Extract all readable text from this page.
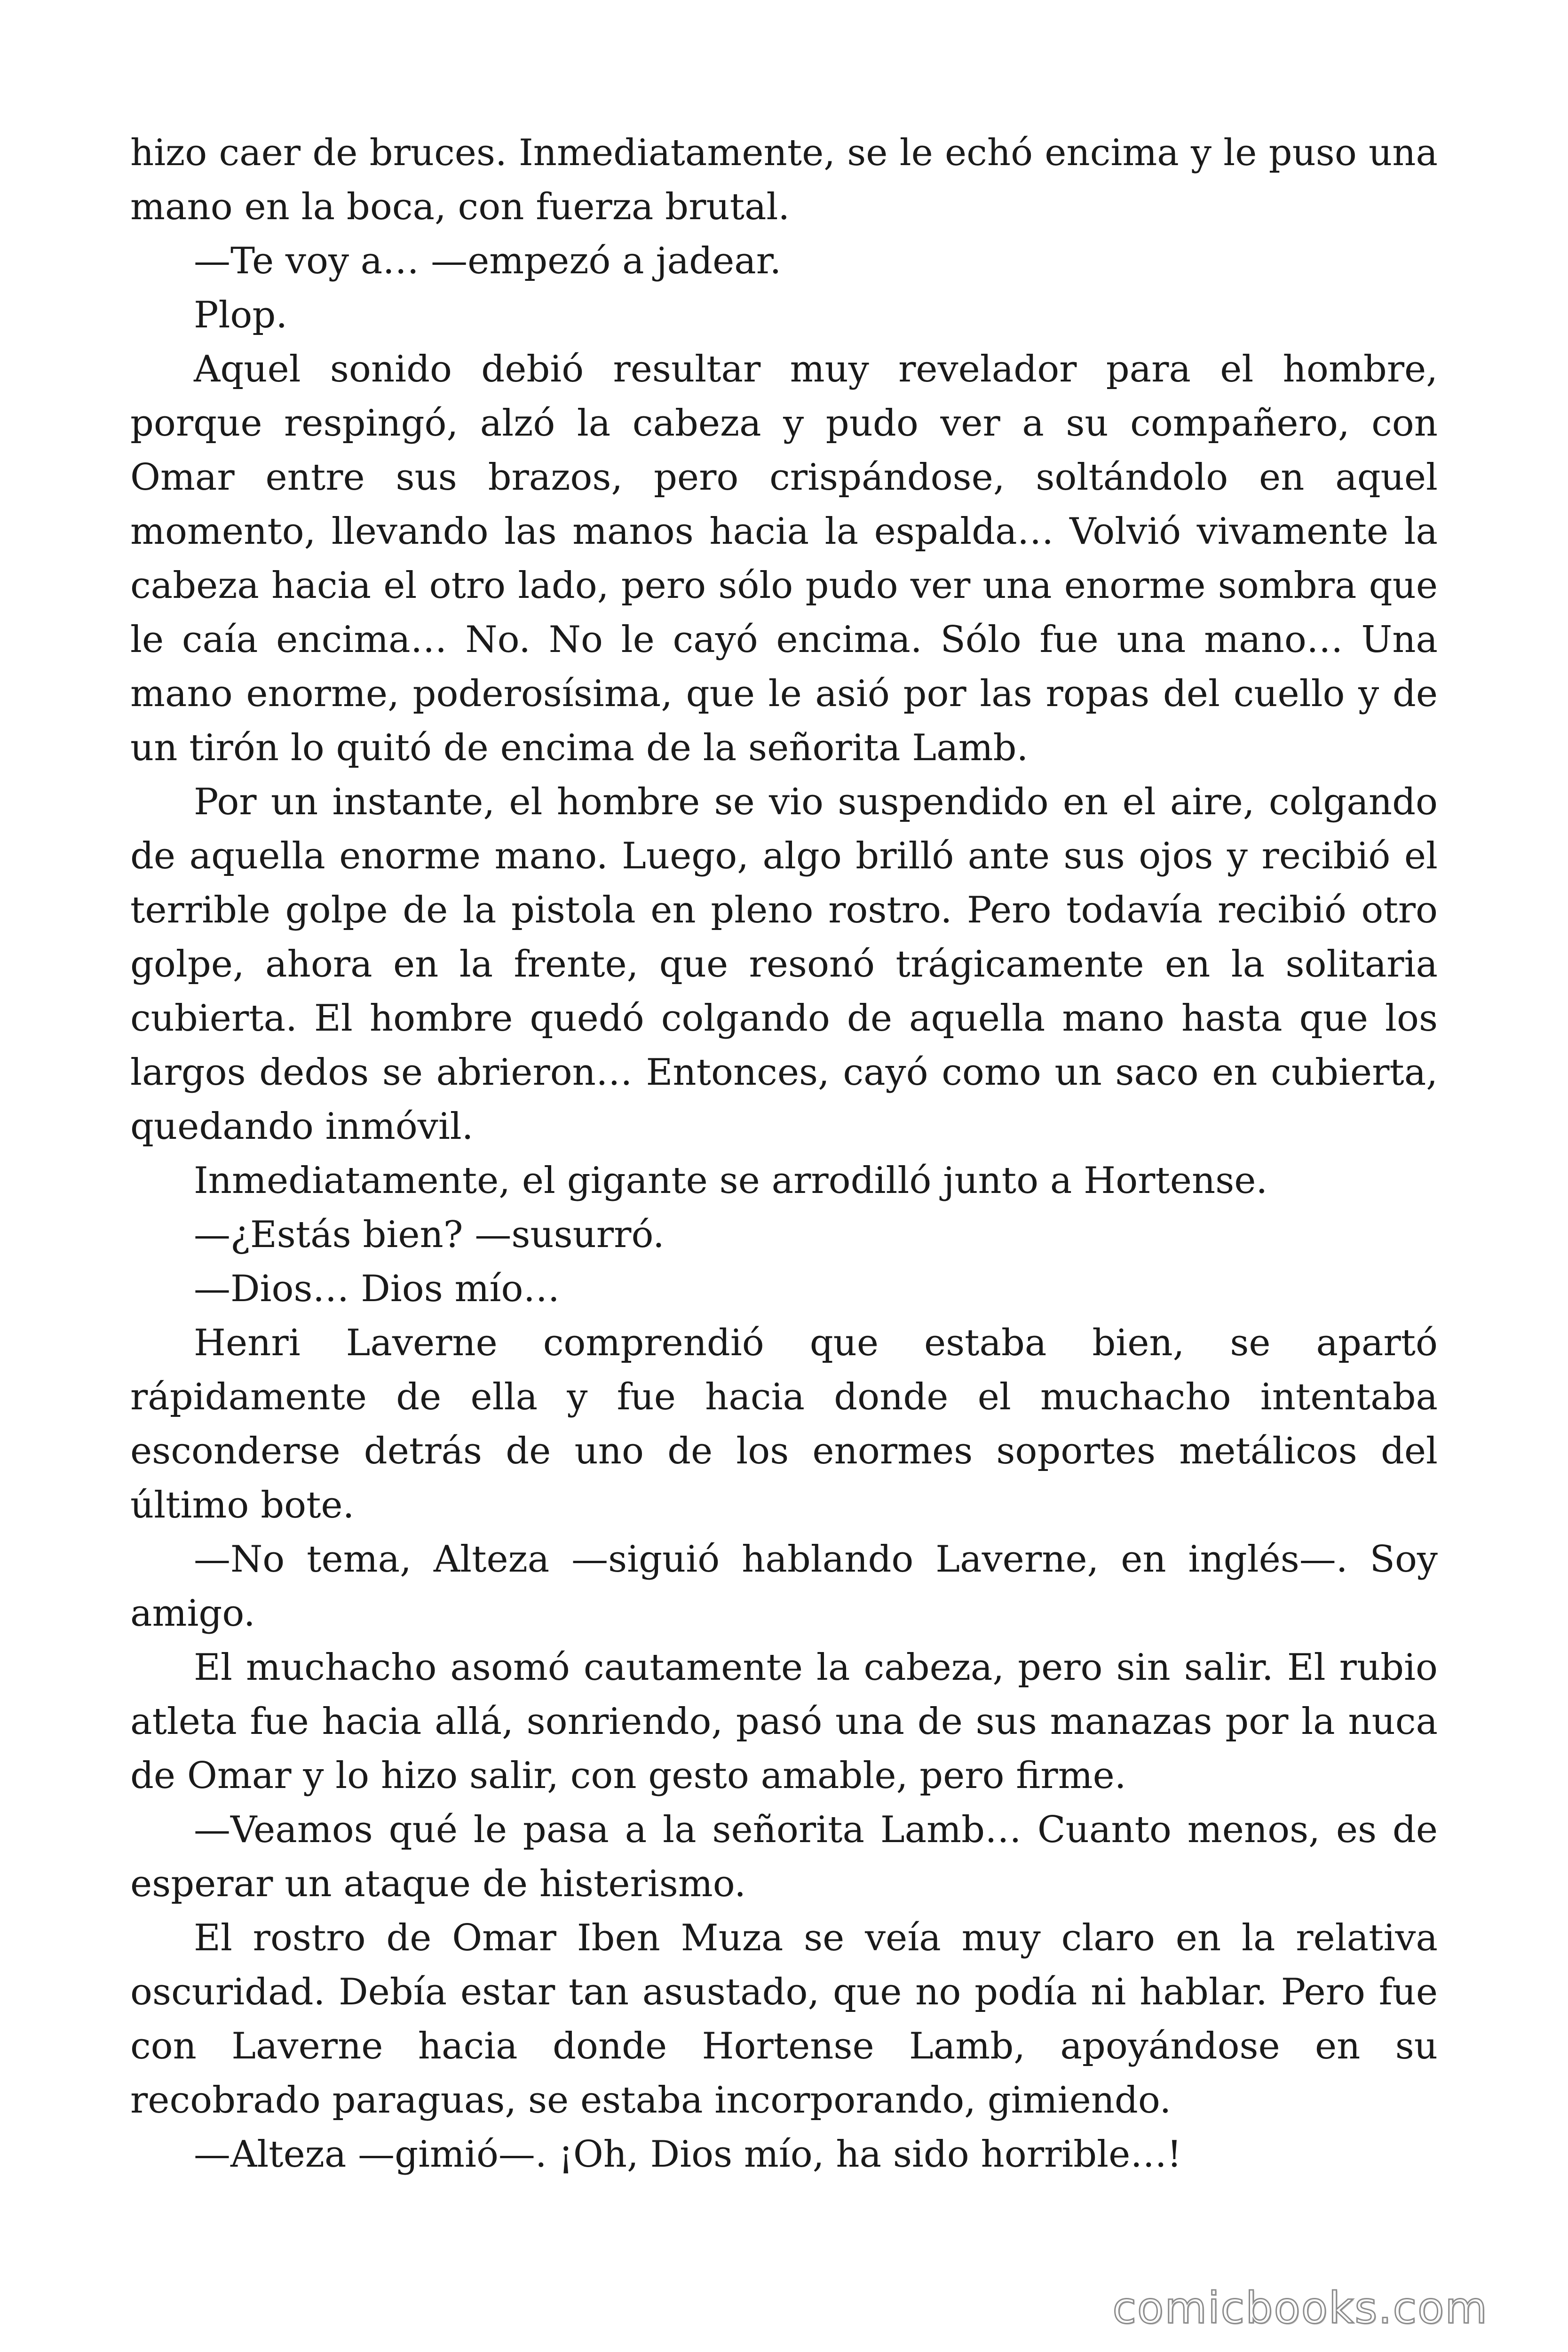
hizo caer de bruces. Inmediatamente, se le echó encima y le puso una mano en la boca, con fuerza brutal.

—Te voy a… —empezó a jadear.

Plop.

Aquel sonido debió resultar muy revelador para el hombre, porque respingó, alzó la cabeza y pudo ver a su compañero, con Omar entre sus brazos, pero crispándose, soltándolo en aquel momento, llevando las manos hacia la espalda… Volvió vivamente la cabeza hacia el otro lado, pero sólo pudo ver una enorme sombra que le caía encima… No. No le cayó encima. Sólo fue una mano… Una mano enorme, poderosísima, que le asió por las ropas del cuello y de un tirón lo quitó de encima de la señorita Lamb.

Por un instante, el hombre se vio suspendido en el aire, colgando de aquella enorme mano. Luego, algo brilló ante sus ojos y recibió el terrible golpe de la pistola en pleno rostro. Pero todavía recibió otro golpe, ahora en la frente, que resonó trágicamente en la solitaria cubierta. El hombre quedó colgando de aquella mano hasta que los largos dedos se abrieron… Entonces, cayó como un saco en cubierta, quedando inmóvil.

Inmediatamente, el gigante se arrodilló junto a Hortense.

—¿Estás bien? —susurró.

—Dios… Dios mío…

Henri Laverne comprendió que estaba bien, se apartó rápidamente de ella y fue hacia donde el muchacho intentaba esconderse detrás de uno de los enormes soportes metálicos del último bote.

—No tema, Alteza —siguió hablando Laverne, en inglés—. Soy amigo.

El muchacho asomó cautamente la cabeza, pero sin salir. El rubio atleta fue hacia allá, sonriendo, pasó una de sus manazas por la nuca de Omar y lo hizo salir, con gesto amable, pero firme.

—Veamos qué le pasa a la señorita Lamb… Cuanto menos, es de esperar un ataque de histerismo.

El rostro de Omar Iben Muza se veía muy claro en la relativa oscuridad. Debía estar tan asustado, que no podía ni hablar. Pero fue con Laverne hacia donde Hortense Lamb, apoyándose en su recobrado paraguas, se estaba incorporando, gimiendo.

—Alteza —gimió—. ¡Oh, Dios mío, ha sido horrible…!

comicbooks.com
